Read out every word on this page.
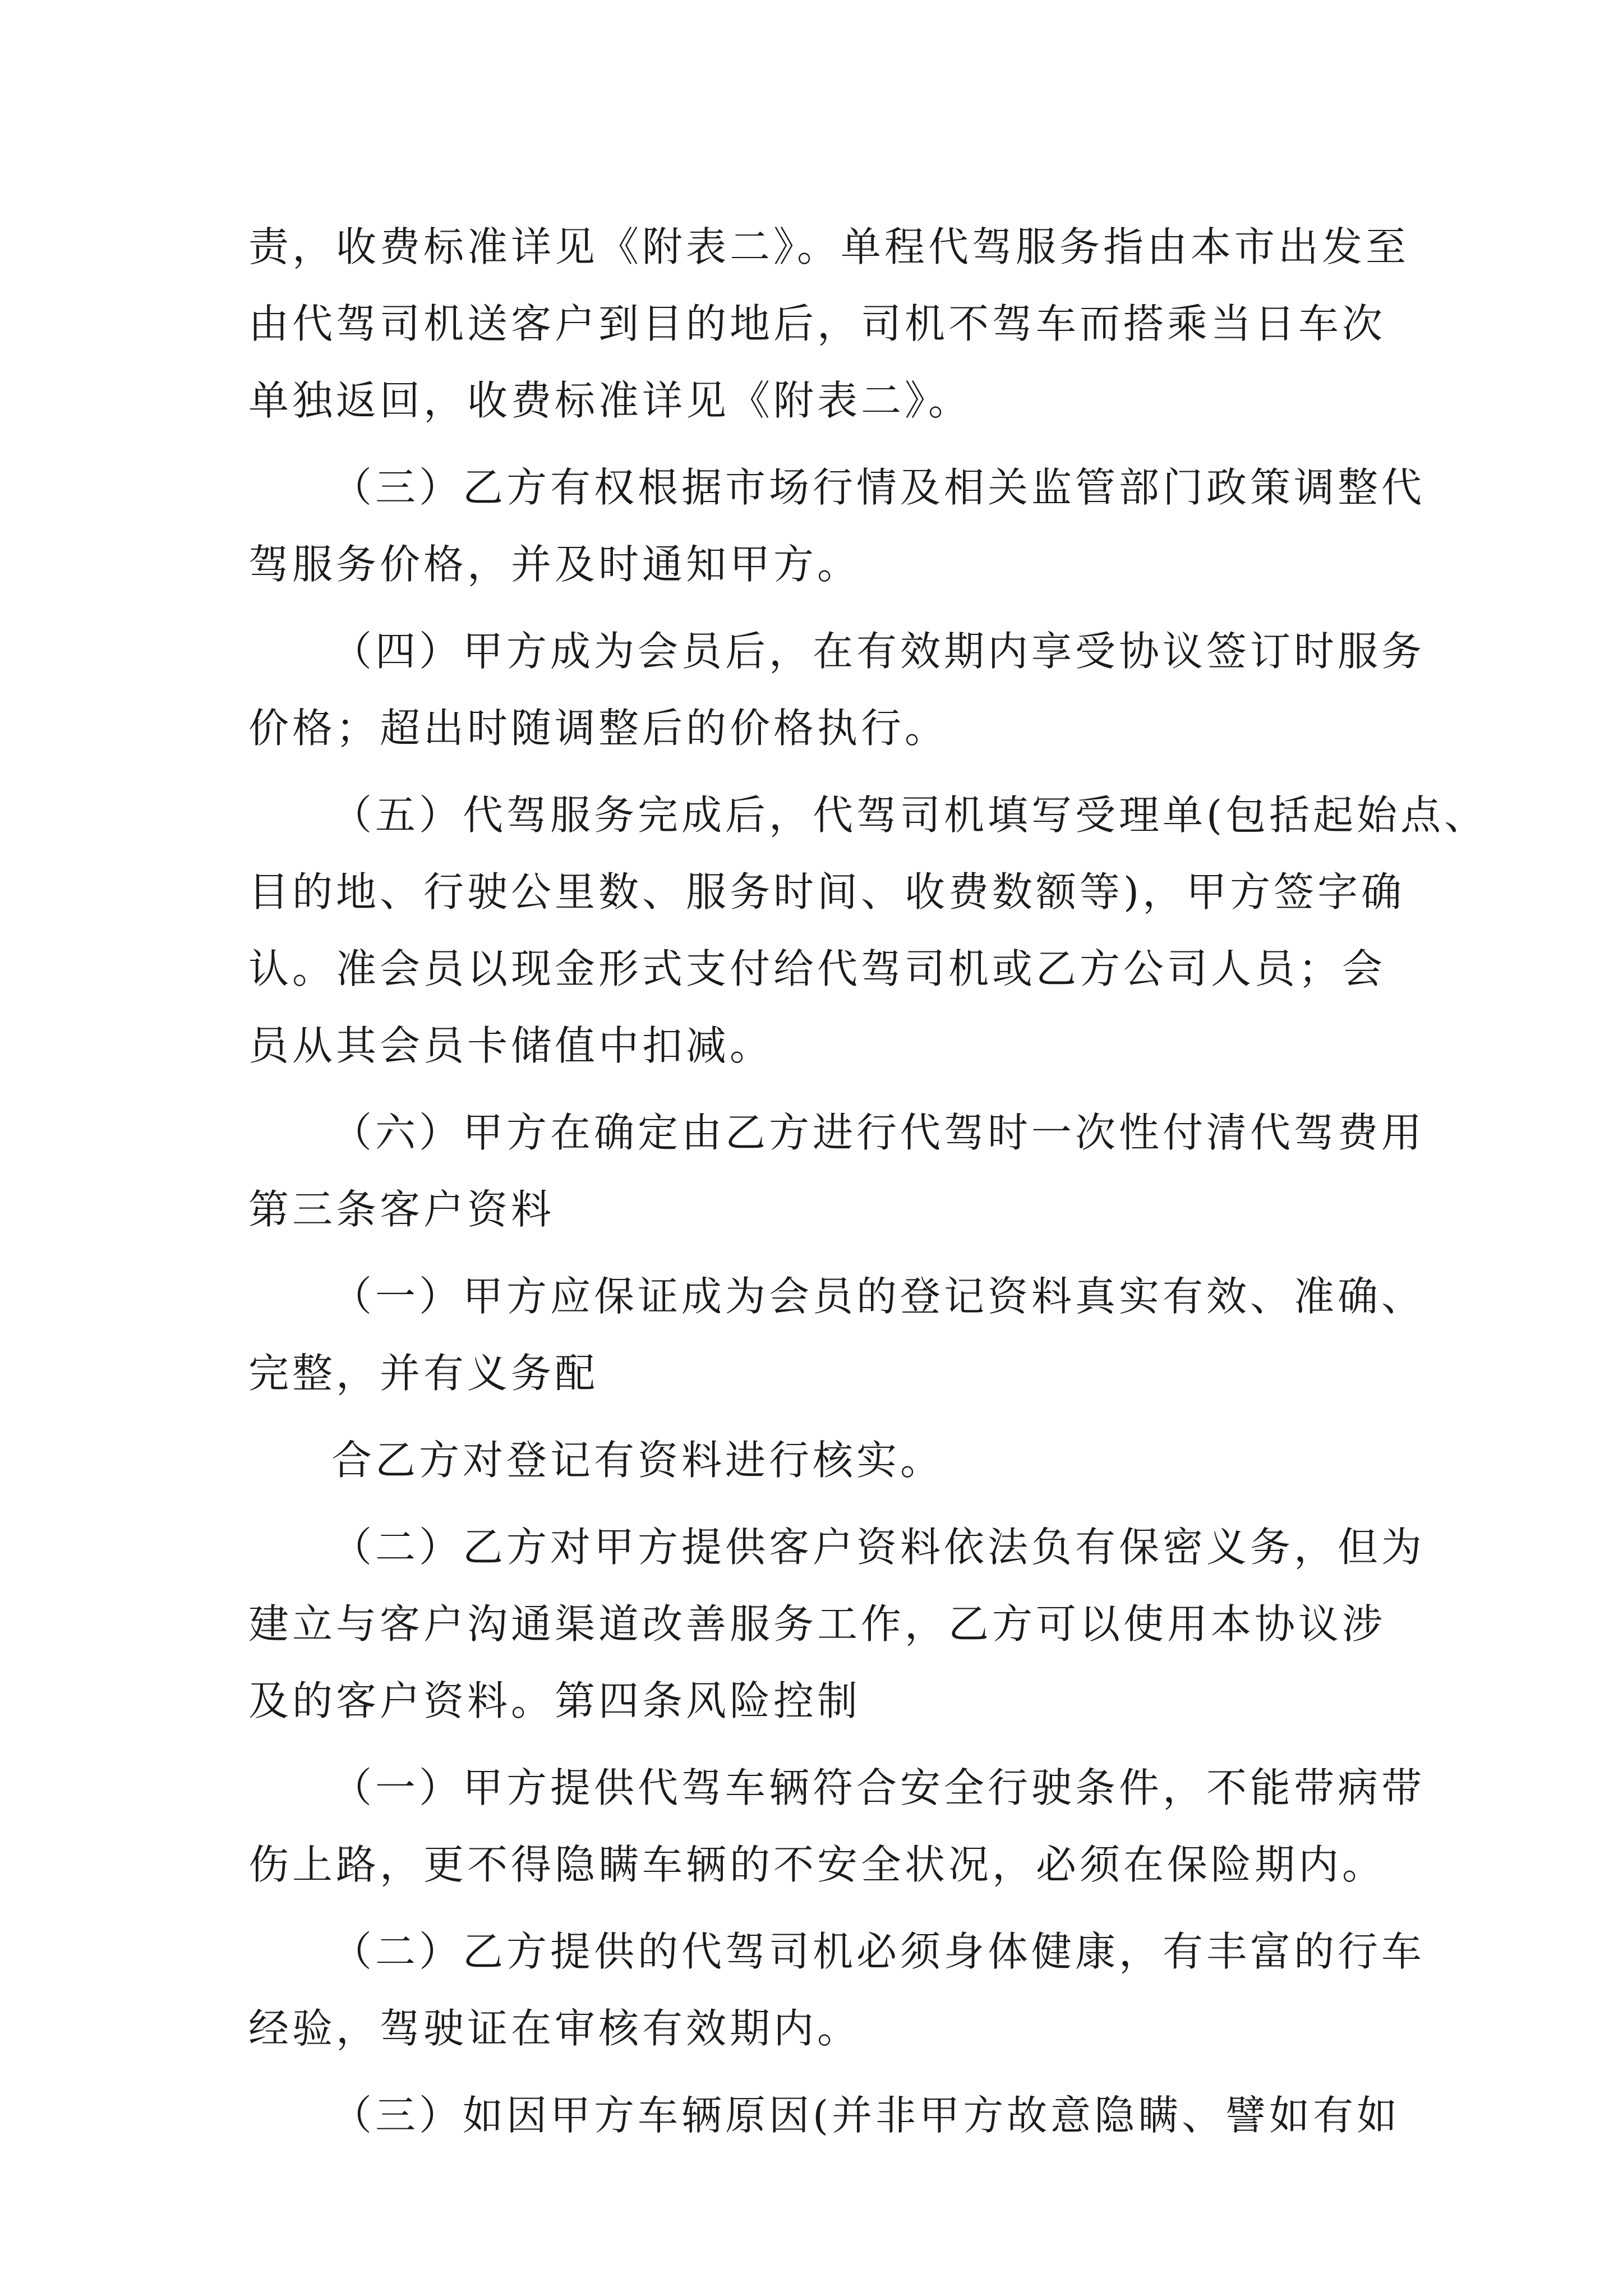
责，收费标准详见《附表二》。单程代驾服务指由本市出发至
由代驾司机送客户到目的地后，司机不驾车而搭乘当日车次
单独返回，收费标准详见《附表二》。
（三）乙方有权根据市场行情及相关监管部门政策调整代
驾服务价格，并及时通知甲方。
（四）甲方成为会员后，在有效期内享受协议签订时服务
价格；超出时随调整后的价格执行。
（五）代驾服务完成后，代驾司机填写受理单(包括起始点、
目的地、行驶公里数、服务时间、收费数额等)，甲方签字确
认。准会员以现金形式支付给代驾司机或乙方公司人员；会
员从其会员卡储值中扣减。
（六）甲方在确定由乙方进行代驾时一次性付清代驾费用
第三条客户资料
（一）甲方应保证成为会员的登记资料真实有效、准确、
完整，并有义务配
合乙方对登记有资料进行核实。
（二）乙方对甲方提供客户资料依法负有保密义务，但为
建立与客户沟通渠道改善服务工作，乙方可以使用本协议涉
及的客户资料。第四条风险控制
（一）甲方提供代驾车辆符合安全行驶条件，不能带病带
伤上路，更不得隐瞒车辆的不安全状况，必须在保险期内。
（二）乙方提供的代驾司机必须身体健康，有丰富的行车
经验，驾驶证在审核有效期内。
（三）如因甲方车辆原因(并非甲方故意隐瞒、譬如有如
